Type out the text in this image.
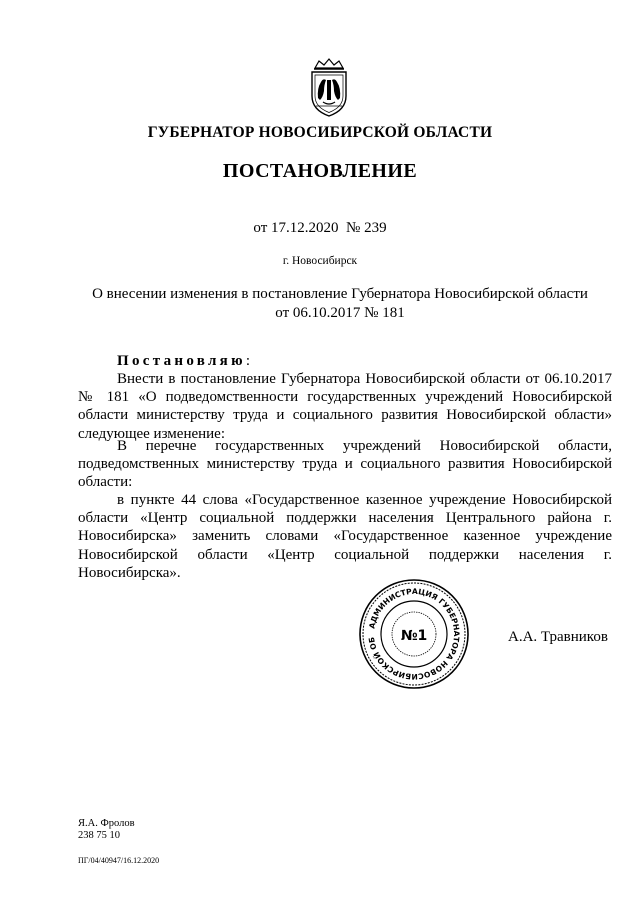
ГУБЕРНАТОР НОВОСИБИРСКОЙ ОБЛАСТИ
ПОСТАНОВЛЕНИЕ
от 17.12.2020  № 239
г. Новосибирск
О внесении изменения в постановление Губернатора Новосибирской области
от 06.10.2017 № 181

Постановляю:

Внести в постановление Губернатора Новосибирской области от 06.10.2017 № 181 «О подведомственности государственных учреждений Новосибирской области министерству труда и социального развития Новосибирской области» следующее изменение:

В перечне государственных учреждений Новосибирской области, подведомственных министерству труда и социального развития Новосибирской области:

в пункте 44 слова «Государственное казенное учреждение Новосибирской области «Центр социальной поддержки населения Центрального района г. Новосибирска» заменить словами «Государственное казенное учреждение Новосибирской области «Центр социальной поддержки населения г. Новосибирска».

АДМИНИСТРАЦИЯ ГУБЕРНАТОРА НОВОСИБИРСКОЙ ОБ	№1	А.А. Травников
Я.А. Фролов
238 75 10
ПГ/04/40947/16.12.2020
